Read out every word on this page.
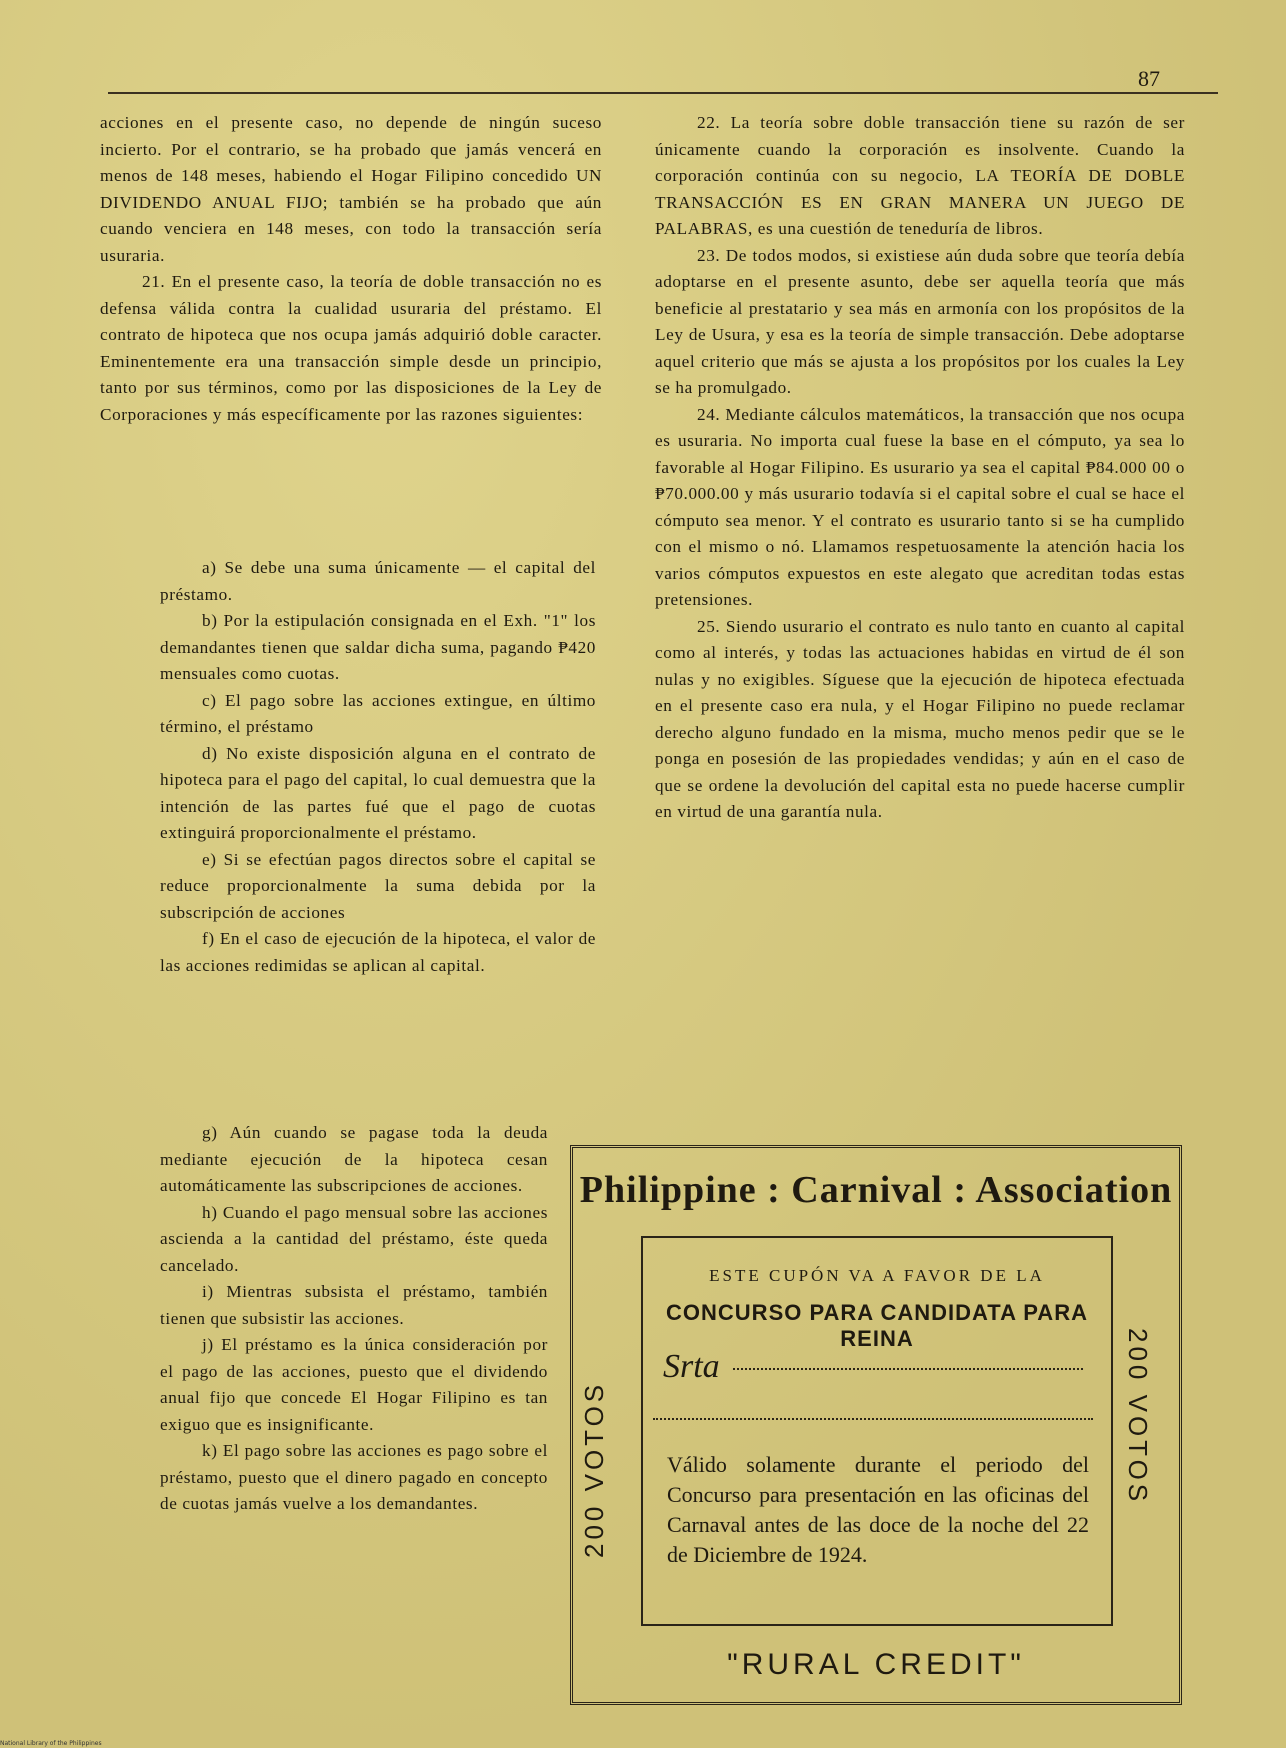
87

acciones en el presente caso, no depende de ningún suceso incierto. Por el contrario, se ha probado que jamás vencerá en menos de 148 meses, habiendo el Hogar Filipino concedido UN DIVIDENDO ANUAL FIJO; también se ha probado que aún cuando venciera en 148 meses, con todo la transacción sería usuraria.

21. En el presente caso, la teoría de doble transacción no es defensa válida contra la cualidad usuraria del préstamo. El contrato de hipoteca que nos ocupa jamás adquirió doble caracter. Eminentemente era una transacción simple desde un principio, tanto por sus términos, como por las disposiciones de la Ley de Corporaciones y más específicamente por las razones siguientes:

a) Se debe una suma únicamente — el capital del préstamo.

b) Por la estipulación consignada en el Exh. "1" los demandantes tienen que saldar dicha suma, pagando ₱420 mensuales como cuotas.

c) El pago sobre las acciones extingue, en último término, el préstamo

d) No existe disposición alguna en el contrato de hipoteca para el pago del capital, lo cual demuestra que la intención de las partes fué que el pago de cuotas extinguirá proporcionalmente el préstamo.

e) Si se efectúan pagos directos sobre el capital se reduce proporcionalmente la suma debida por la subscripción de acciones

f) En el caso de ejecución de la hipoteca, el valor de las acciones redimidas se aplican al capital.

g) Aún cuando se pagase toda la deuda mediante ejecución de la hipoteca cesan automáticamente las subscripciones de acciones.

h) Cuando el pago mensual sobre las acciones ascienda a la cantidad del préstamo, éste queda cancelado.

i) Mientras subsista el préstamo, también tienen que subsistir las acciones.

j) El préstamo es la única consideración por el pago de las acciones, puesto que el dividendo anual fijo que concede El Hogar Filipino es tan exiguo que es insignificante.

k) El pago sobre las acciones es pago sobre el préstamo, puesto que el dinero pagado en concepto de cuotas jamás vuelve a los demandantes.

22. La teoría sobre doble transacción tiene su razón de ser únicamente cuando la corporación es insolvente. Cuando la corporación continúa con su negocio, LA TEORÍA DE DOBLE TRANSACCIÓN ES EN GRAN MANERA UN JUEGO DE PALABRAS, es una cuestión de teneduría de libros.

23. De todos modos, si existiese aún duda sobre que teoría debía adoptarse en el presente asunto, debe ser aquella teoría que más beneficie al prestatario y sea más en armonía con los propósitos de la Ley de Usura, y esa es la teoría de simple transacción. Debe adoptarse aquel criterio que más se ajusta a los propósitos por los cuales la Ley se ha promulgado.

24. Mediante cálculos matemáticos, la transacción que nos ocupa es usuraria. No importa cual fuese la base en el cómputo, ya sea lo favorable al Hogar Filipino. Es usurario ya sea el capital ₱84.000 00 o ₱70.000.00 y más usurario todavía si el capital sobre el cual se hace el cómputo sea menor. Y el contrato es usurario tanto si se ha cumplido con el mismo o nó. Llamamos respetuosamente la atención hacia los varios cómputos expuestos en este alegato que acreditan todas estas pretensiones.

25. Siendo usurario el contrato es nulo tanto en cuanto al capital como al interés, y todas las actuaciones habidas en virtud de él son nulas y no exigibles. Síguese que la ejecución de hipoteca efectuada en el presente caso era nula, y el Hogar Filipino no puede reclamar derecho alguno fundado en la misma, mucho menos pedir que se le ponga en posesión de las propiedades vendidas; y aún en el caso de que se ordene la devolución del capital esta no puede hacerse cumplir en virtud de una garantía nula.

Philippine : Carnival : Association
200 VOTOS	200 VOTOS
ESTE CUPÓN VA A FAVOR DE LA
CONCURSO PARA CANDIDATA PARA REINA
Srta
Válido solamente durante el periodo del Concurso para presentación en las oficinas del Carnaval antes de las doce de la noche del 22 de Diciembre de 1924.
"RURAL CREDIT"
National Library of the Philippines
